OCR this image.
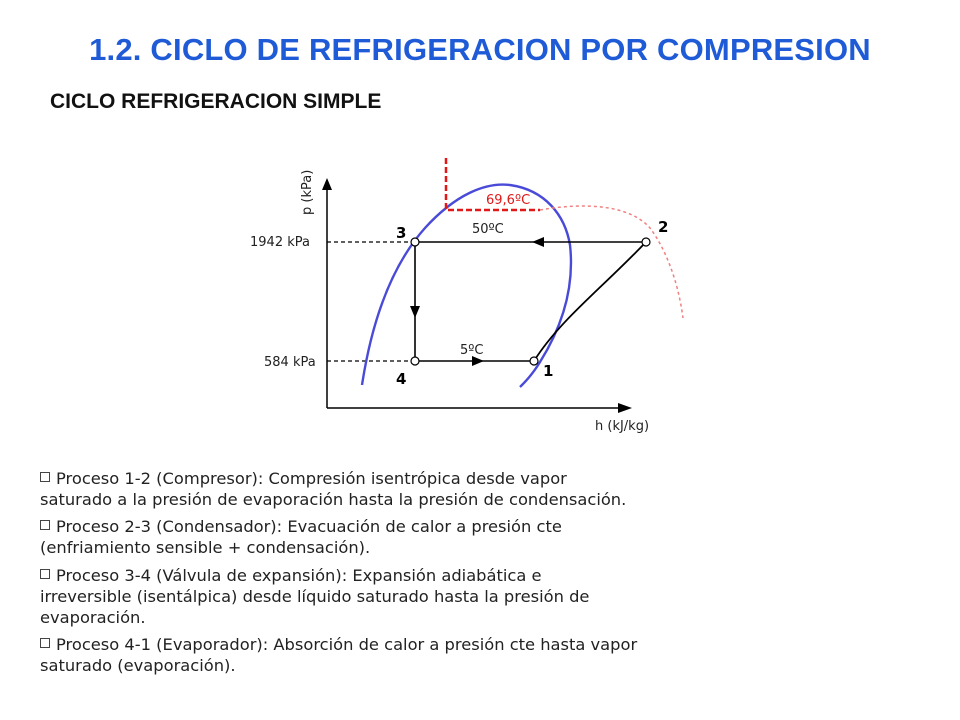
1.2. CICLO DE REFRIGERACION POR COMPRESION
CICLO REFRIGERACION SIMPLE
p (kPa)
h (kJ/kg)
1942 kPa
584 kPa
69,6ºC
50ºC
5ºC
1
2
3
4
Proceso 1-2 (Compresor): Compresión isentrópica desde vapor
saturado a la presión de evaporación hasta la presión de condensación.
Proceso 2-3 (Condensador): Evacuación de calor a presión cte
(enfriamiento sensible + condensación).
Proceso 3-4 (Válvula de expansión): Expansión adiabática e
irreversible (isentálpica) desde líquido saturado hasta la presión de
evaporación.
Proceso 4-1 (Evaporador): Absorción de calor a presión cte hasta vapor
saturado (evaporación).
